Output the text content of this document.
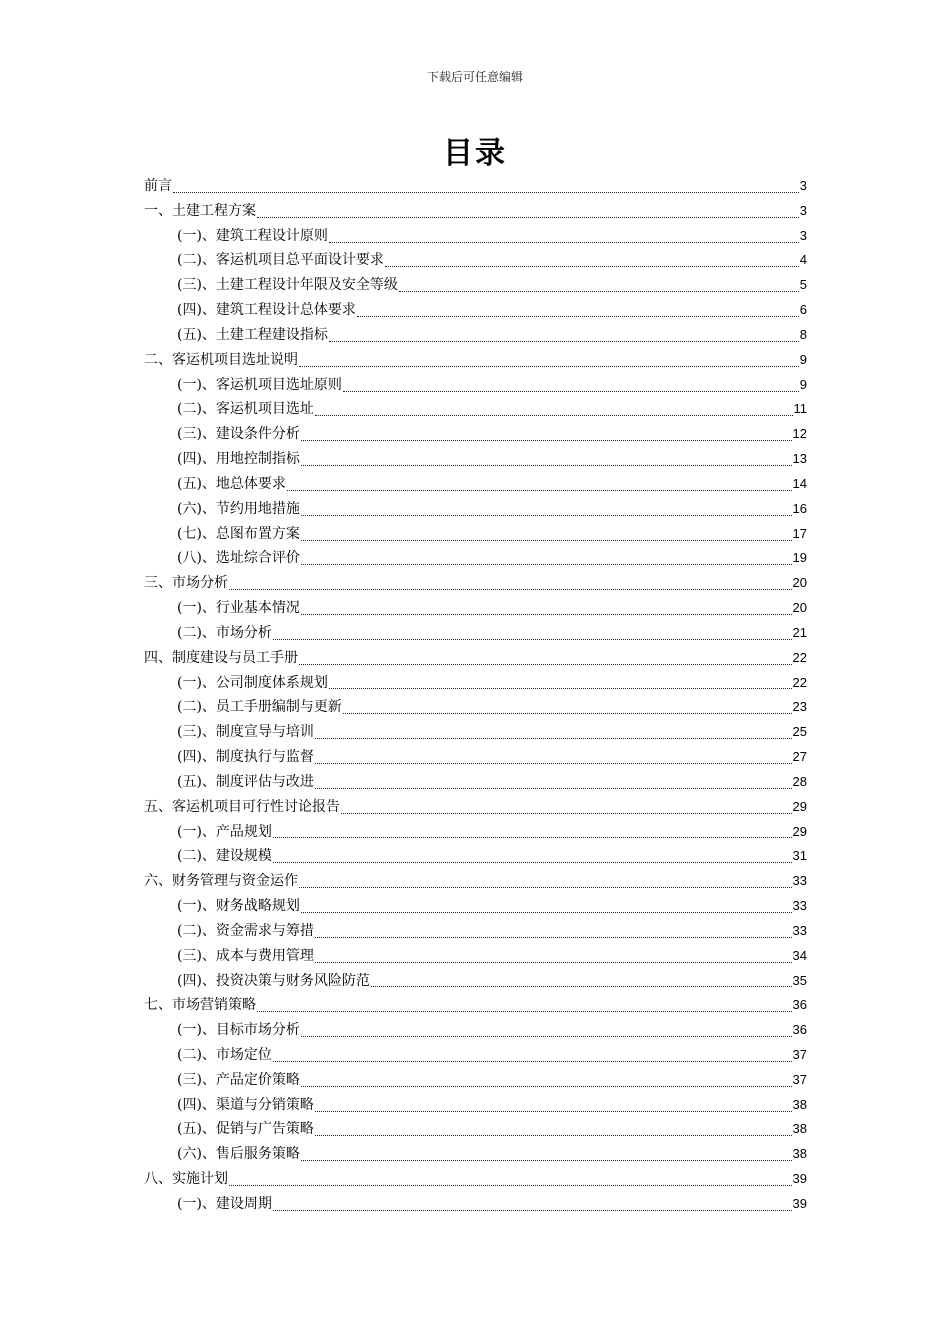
下载后可任意编辑
目录
前言	3
一、土建工程方案	3
(一)、建筑工程设计原则	3
(二)、客运机项目总平面设计要求	4
(三)、土建工程设计年限及安全等级	5
(四)、建筑工程设计总体要求	6
(五)、土建工程建设指标	8
二、客运机项目选址说明	9
(一)、客运机项目选址原则	9
(二)、客运机项目选址	11
(三)、建设条件分析	12
(四)、用地控制指标	13
(五)、地总体要求	14
(六)、节约用地措施	16
(七)、总图布置方案	17
(八)、选址综合评价	19
三、市场分析	20
(一)、行业基本情况	20
(二)、市场分析	21
四、制度建设与员工手册	22
(一)、公司制度体系规划	22
(二)、员工手册编制与更新	23
(三)、制度宣导与培训	25
(四)、制度执行与监督	27
(五)、制度评估与改进	28
五、客运机项目可行性讨论报告	29
(一)、产品规划	29
(二)、建设规模	31
六、财务管理与资金运作	33
(一)、财务战略规划	33
(二)、资金需求与筹措	33
(三)、成本与费用管理	34
(四)、投资决策与财务风险防范	35
七、市场营销策略	36
(一)、目标市场分析	36
(二)、市场定位	37
(三)、产品定价策略	37
(四)、渠道与分销策略	38
(五)、促销与广告策略	38
(六)、售后服务策略	38
八、实施计划	39
(一)、建设周期	39
